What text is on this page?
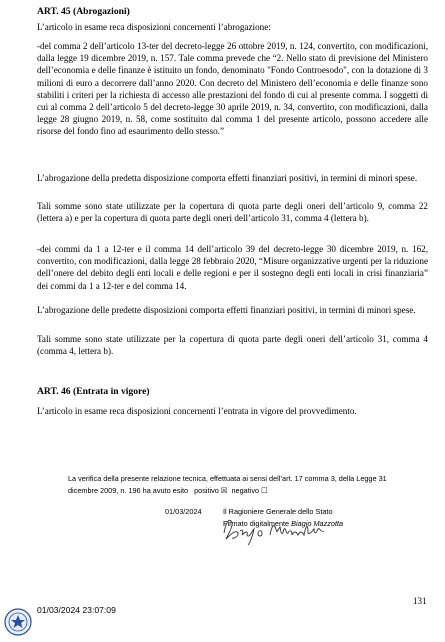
ART. 45 (Abrogazioni)

L’articolo in esame reca disposizioni concernenti l’abrogazione:

-del comma 2 dell’articolo 13-ter del decreto-legge 26 ottobre 2019, n. 124, convertito, con modificazioni, dalla legge 19 dicembre 2019, n. 157. Tale comma prevede che “2. Nello stato di previsione del Ministero dell’economia e delle finanze è istituito un fondo, denominato "Fondo Controesodo", con la dotazione di 3 milioni di euro a decorrere dall’anno 2020. Con decreto del Ministero dell’economia e delle finanze sono stabiliti i criteri per la richiesta di accesso alle prestazioni del fondo di cui al presente comma. I soggetti di cui al comma 2 dell’articolo 5 del decreto-legge 30 aprile 2019, n. 34, convertito, con modificazioni, dalla legge 28 giugno 2019, n. 58, come sostituito dal comma 1 del presente articolo, possono accedere alle risorse del fondo fino ad esaurimento dello stesso.”

L’abrogazione della predetta disposizione comporta effetti finanziari positivi, in termini di minori spese.

Tali somme sono state utilizzate per la copertura di quota parte degli oneri dell’articolo 9, comma 22 (lettera a) e per la copertura di quota parte degli oneri dell’articolo 31, comma 4 (lettera b).

-dei commi da 1 a 12-ter e il comma 14 dell’articolo 39 del decreto-legge 30 dicembre 2019, n. 162, convertito, con modificazioni, dalla legge 28 febbraio 2020, “Misure organizzative urgenti per la riduzione dell’onere del debito degli enti locali e delle regioni e per il sostegno degli enti locali in crisi finanziaria” dei commi da 1 a 12-ter e del comma 14.

L’abrogazione delle predette disposizioni comporta effetti finanziari positivi, in termini di minori spese.

Tali somme sono state utilizzate per la copertura di quota parte degli oneri dell’articolo 31, comma 4 (comma 4, lettera b).

ART. 46 (Entrata in vigore)

L’articolo in esame reca disposizioni concernenti l’entrata in vigore del provvedimento.

La verifica della presente relazione tecnica, effettuata ai sensi dell’art. 17 comma 3, della Legge 31

dicembre 2009, n. 196 ha avuto esito positivo ☒ negativo ☐

01/03/2024	Il Ragioniere Generale dello Stato

Firmato digitalmente Biagio Mazzotta

01/03/2024 23:07:09

131
